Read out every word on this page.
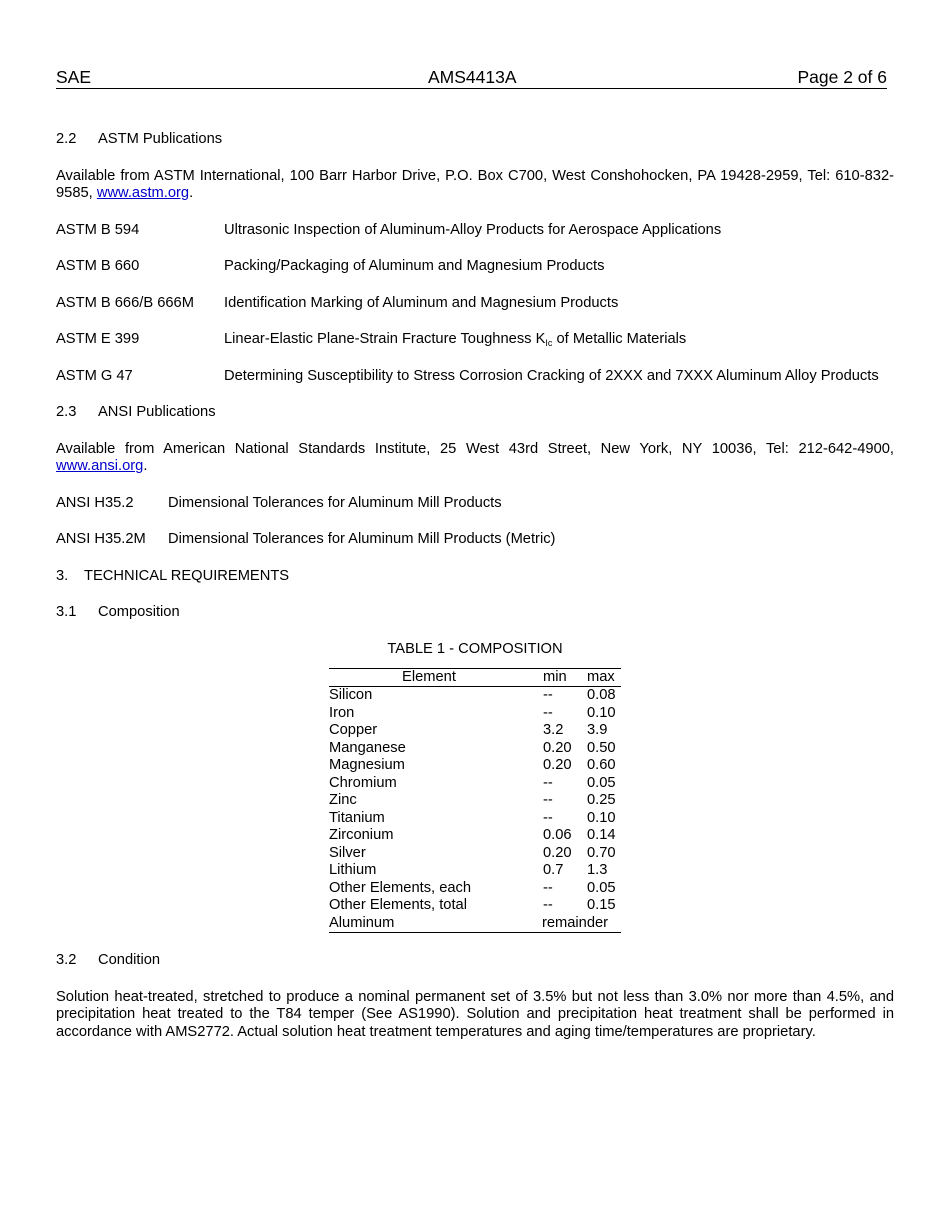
SAE	AMS4413A	Page 2 of 6
2.2 ASTM Publications

Available from ASTM International, 100 Barr Harbor Drive, P.O. Box C700, West Conshohocken, PA 19428-2959, Tel: 610-832-9585, www.astm.org.

ASTM B 594	Ultrasonic Inspection of Aluminum-Alloy Products for Aerospace Applications
ASTM B 660	Packing/Packaging of Aluminum and Magnesium Products
ASTM B 666/B 666M	Identification Marking of Aluminum and Magnesium Products
ASTM E 399	Linear-Elastic Plane-Strain Fracture Toughness $K_{Ic}$ of Metallic Materials
ASTM G 47	Determining Susceptibility to Stress Corrosion Cracking of 2XXX and 7XXX Aluminum Alloy Products
2.3 ANSI Publications

Available from American National Standards Institute, 25 West 43rd Street, New York, NY 10036, Tel: 212-642-4900, www.ansi.org.

ANSI H35.2	Dimensional Tolerances for Aluminum Mill Products
ANSI H35.2M	Dimensional Tolerances for Aluminum Mill Products (Metric)
3. TECHNICAL REQUIREMENTS
3.1 Composition
TABLE 1 - COMPOSITION
Element	min	max
Silicon	--	0.08
Iron	--	0.10
Copper	3.2	3.9
Manganese	0.20	0.50
Magnesium	0.20	0.60
Chromium	--	0.05
Zinc	--	0.25
Titanium	--	0.10
Zirconium	0.06	0.14
Silver	0.20	0.70
Lithium	0.7	1.3
Other Elements, each	--	0.05
Other Elements, total	--	0.15
Aluminum	remainder	
3.2 Condition

Solution heat-treated, stretched to produce a nominal permanent set of 3.5% but not less than 3.0% nor more than 4.5%, and precipitation heat treated to the T84 temper (See AS1990). Solution and precipitation heat treatment shall be performed in accordance with AMS2772. Actual solution heat treatment temperatures and aging time/temperatures are proprietary.
